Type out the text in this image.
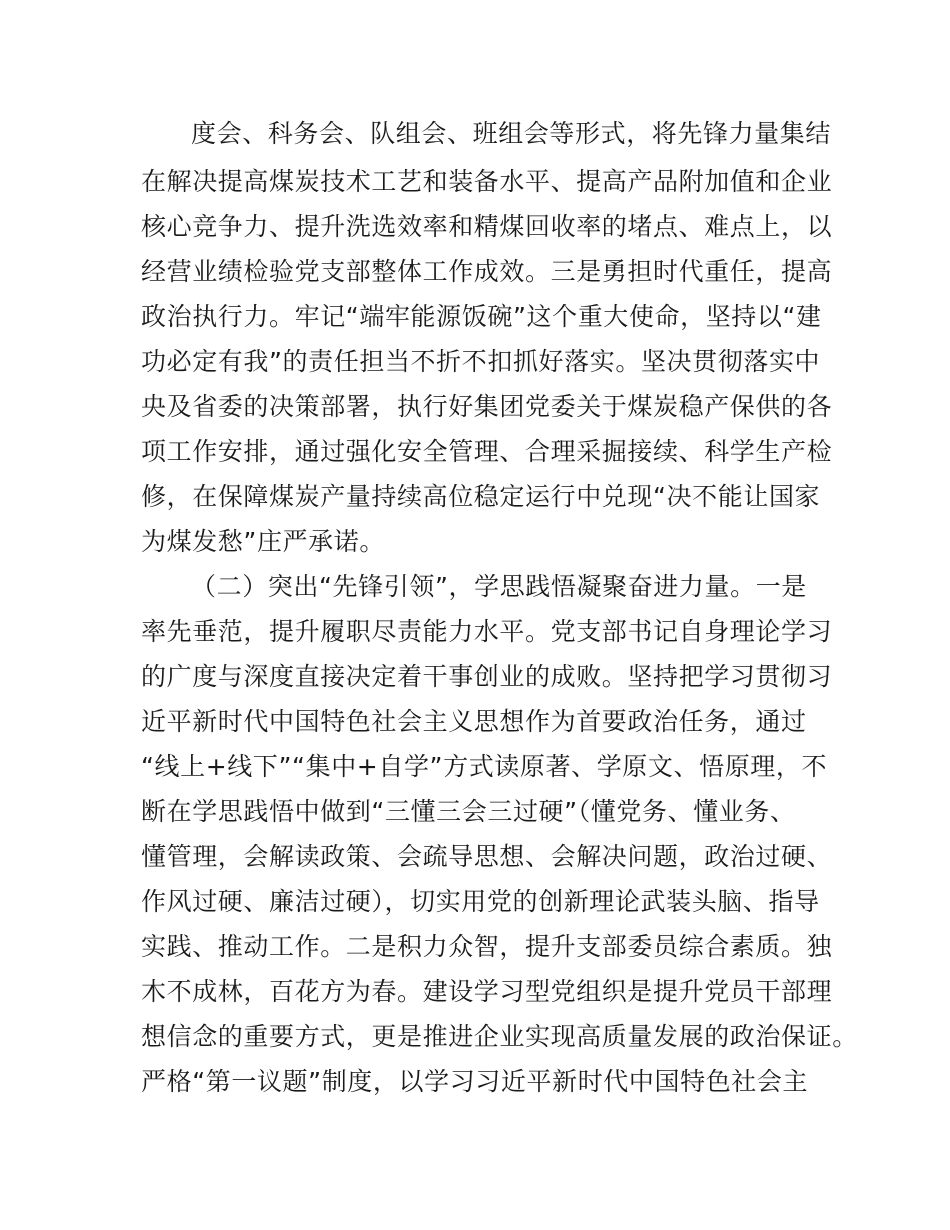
度会、科务会、队组会、班组会等形式，将先锋力量集结
在解决提高煤炭技术工艺和装备水平、提高产品附加值和企业
核心竞争力、提升洗选效率和精煤回收率的堵点、难点上，以
经营业绩检验党支部整体工作成效。三是勇担时代重任，提高
政治执行力。牢记“端牢能源饭碗”这个重大使命，坚持以“建
功必定有我”的责任担当不折不扣抓好落实。坚决贯彻落实中
央及省委的决策部署，执行好集团党委关于煤炭稳产保供的各
项工作安排，通过强化安全管理、合理采掘接续、科学生产检
修，在保障煤炭产量持续高位稳定运行中兑现“决不能让国家
为煤发愁”庄严承诺。
（二）突出“先锋引领”，学思践悟凝聚奋进力量。一是
率先垂范，提升履职尽责能力水平。党支部书记自身理论学习
的广度与深度直接决定着干事创业的成败。坚持把学习贯彻习
近平新时代中国特色社会主义思想作为首要政治任务，通过
“线上+线下”“集中+自学”方式读原著、学原文、悟原理，不
断在学思践悟中做到“三懂三会三过硬”（懂党务、懂业务、
懂管理，会解读政策、会疏导思想、会解决问题，政治过硬、
作风过硬、廉洁过硬），切实用党的创新理论武装头脑、指导
实践、推动工作。二是积力众智，提升支部委员综合素质。独
木不成林，百花方为春。建设学习型党组织是提升党员干部理
想信念的重要方式，更是推进企业实现高质量发展的政治保证。
严格“第一议题”制度，以学习习近平新时代中国特色社会主
